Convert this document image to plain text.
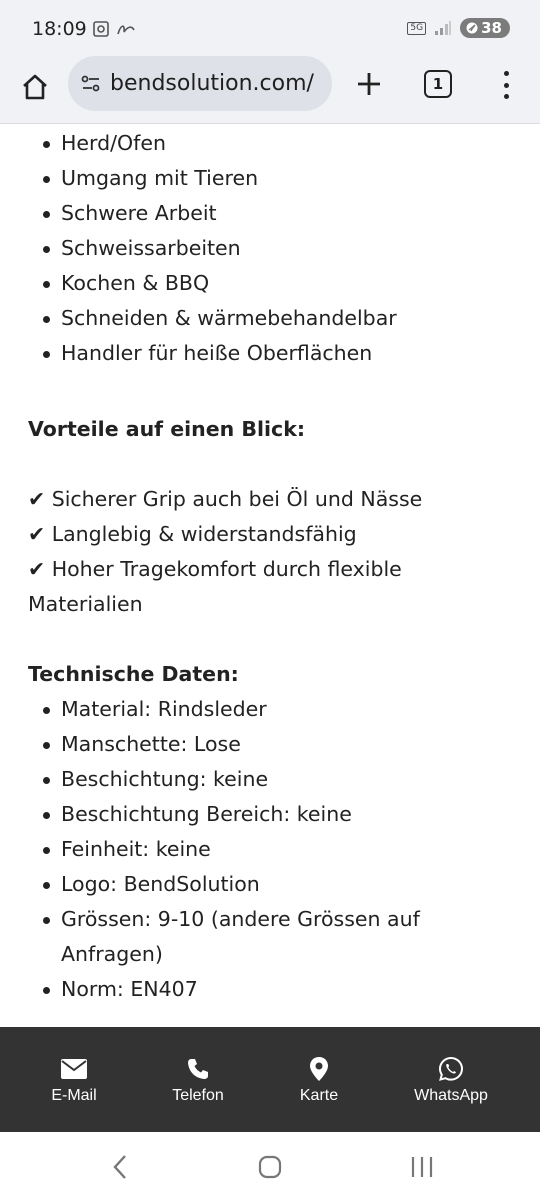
18:09	5G	38
bendsolution.com/	1
Herd/Ofen
Umgang mit Tieren
Schwere Arbeit
Schweissarbeiten
Kochen & BBQ
Schneiden & wärmebehandelbar
Handler für heiße Oberflächen
Vorteile auf einen Blick:
✔ Sicherer Grip auch bei Öl und Nässe
✔ Langlebig & widerstandsfähig
✔ Hoher Tragekomfort durch flexible Materialien
Technische Daten:
Material: Rindsleder
Manschette: Lose
Beschichtung: keine
Beschichtung Bereich: keine
Feinheit: keine
Logo: BendSolution
Grössen: 9-10 (andere Grössen auf Anfragen)
Norm: EN407
E-Mail	Telefon	Karte	WhatsApp
